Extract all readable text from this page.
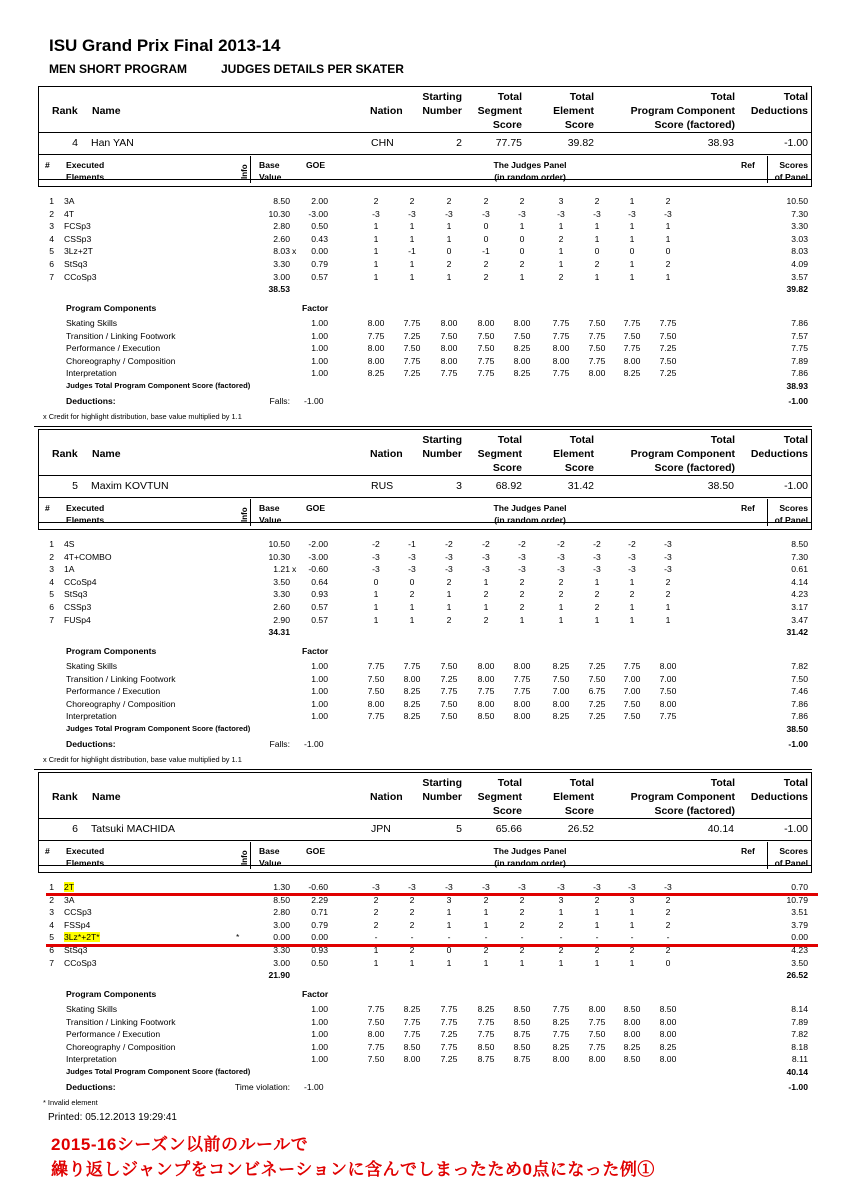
ISU Grand Prix Final 2013-14
MEN SHORT PROGRAM	JUDGES DETAILS PER SKATER
Rank Name	Nation
Starting
Number
Total
Segment
Score
Total
Element
Score
Total
Program Component
Score (factored)
Total
Deductions
4 Han YAN	CHN	2	77.75	39.82	38.93	-1.00
# Executed
Elements	Info Base
Value
GOE	The Judges Panel
(in random order)
Ref	Scores
of Panel
1 3A	8.50	2.00	2	2	2	2	2	3	2	1	2	10.50
2 4T	10.30	-3.00	-3	-3	-3	-3	-3	-3	-3	-3	-3	7.30
3 FCSp3	2.80	0.50	1	1	1	0	1	1	1	1	1	3.30
4 CSSp3	2.60	0.43	1	1	1	0	0	2	1	1	1	3.03
5 3Lz+2T	8.03 x	0.00	1	-1	0	-1	0	1	0	0	0	8.03
6 StSq3	3.30	0.79	1	1	2	2	2	1	2	1	2	4.09
7 CCoSp3	3.00	0.57	1	1	1	2	1	2	1	1	1	3.57
38.53	39.82
Program Components	Factor
Skating Skills	1.00	8.00	7.75	8.00	8.00	8.00	7.75	7.50	7.75	7.75	7.86
Transition / Linking Footwork	1.00	7.75	7.25	7.50	7.50	7.50	7.75	7.75	7.50	7.50	7.57
Performance / Execution	1.00	8.00	7.50	8.00	7.50	8.25	8.00	7.50	7.75	7.25	7.75
Choreography / Composition	1.00	8.00	7.75	8.00	7.75	8.00	8.00	7.75	8.00	7.50	7.89
Interpretation	1.00	8.25	7.25	7.75	7.75	8.25	7.75	8.00	8.25	7.25	7.86
Judges Total Program Component Score (factored)	38.93
Deductions:	Falls: -1.00	-1.00
x Credit for highlight distribution, base value multiplied by 1.1
Rank Name	Nation
Starting
Number
Total
Segment
Score
Total
Element
Score
Total
Program Component
Score (factored)
Total
Deductions
5 Maxim KOVTUN	RUS	3	68.92	31.42	38.50	-1.00
# Executed
Elements	Info Base
Value
GOE	The Judges Panel
(in random order)
Ref	Scores
of Panel
1 4S	10.50	-2.00	-2	-1	-2	-2	-2	-2	-2	-2	-3	8.50
2 4T+COMBO	10.30	-3.00	-3	-3	-3	-3	-3	-3	-3	-3	-3	7.30
3 1A	1.21 x	-0.60	-3	-3	-3	-3	-3	-3	-3	-3	-3	0.61
4 CCoSp4	3.50	0.64	0	0	2	1	2	2	1	1	2	4.14
5 StSq3	3.30	0.93	1	2	1	2	2	2	2	2	2	4.23
6 CSSp3	2.60	0.57	1	1	1	1	2	1	2	1	1	3.17
7 FUSp4	2.90	0.57	1	1	2	2	1	1	1	1	1	3.47
34.31	31.42
Program Components	Factor
Skating Skills	1.00	7.75	7.75	7.50	8.00	8.00	8.25	7.25	7.75	8.00	7.82
Transition / Linking Footwork	1.00	7.50	8.00	7.25	8.00	7.75	7.50	7.50	7.00	7.00	7.50
Performance / Execution	1.00	7.50	8.25	7.75	7.75	7.75	7.00	6.75	7.00	7.50	7.46
Choreography / Composition	1.00	8.00	8.25	7.50	8.00	8.00	8.00	7.25	7.50	8.00	7.86
Interpretation	1.00	7.75	8.25	7.50	8.50	8.00	8.25	7.25	7.50	7.75	7.86
Judges Total Program Component Score (factored)	38.50
Deductions:	Falls: -1.00	-1.00
x Credit for highlight distribution, base value multiplied by 1.1
Rank Name	Nation
Starting
Number
Total
Segment
Score
Total
Element
Score
Total
Program Component
Score (factored)
Total
Deductions
6 Tatsuki MACHIDA	JPN	5	65.66	26.52	40.14	-1.00
# Executed
Elements	Info Base
Value
GOE	The Judges Panel
(in random order)
Ref	Scores
of Panel
1 2T	1.30	-0.60	-3	-3	-3	-3	-3	-3	-3	-3	-3	0.70
2 3A	8.50	2.29	2	2	3	2	2	3	2	3	2	10.79
3 CCSp3	2.80	0.71	2	2	1	1	2	1	1	1	2	3.51
4 FSSp4	3.00	0.79	2	2	1	1	2	2	1	1	2	3.79
5 3Lz*+2T*	*	0.00	0.00	-	-	-	-	-	-	-	-	-	0.00
6 StSq3	3.30	0.93	1	2	0	2	2	2	2	2	2	4.23
7 CCoSp3	3.00	0.50	1	1	1	1	1	1	1	1	0	3.50
21.90	26.52
Program Components	Factor
Skating Skills	1.00	7.75	8.25	7.75	8.25	8.50	7.75	8.00	8.50	8.50	8.14
Transition / Linking Footwork	1.00	7.50	7.75	7.75	7.75	8.50	8.25	7.75	8.00	8.00	7.89
Performance / Execution	1.00	8.00	7.75	7.25	7.75	8.75	7.75	7.50	8.00	8.00	7.82
Choreography / Composition	1.00	7.75	8.50	7.75	8.50	8.50	8.25	7.75	8.25	8.25	8.18
Interpretation	1.00	7.50	8.00	7.25	8.75	8.75	8.00	8.00	8.50	8.00	8.11
Judges Total Program Component Score (factored)	40.14
Deductions:	Time violation: -1.00	-1.00
* Invalid element
Printed: 05.12.2013 19:29:41
2015-16シーズン以前のルールで
繰り返しジャンプをコンビネーションに含んでしまったため0点になった例①
